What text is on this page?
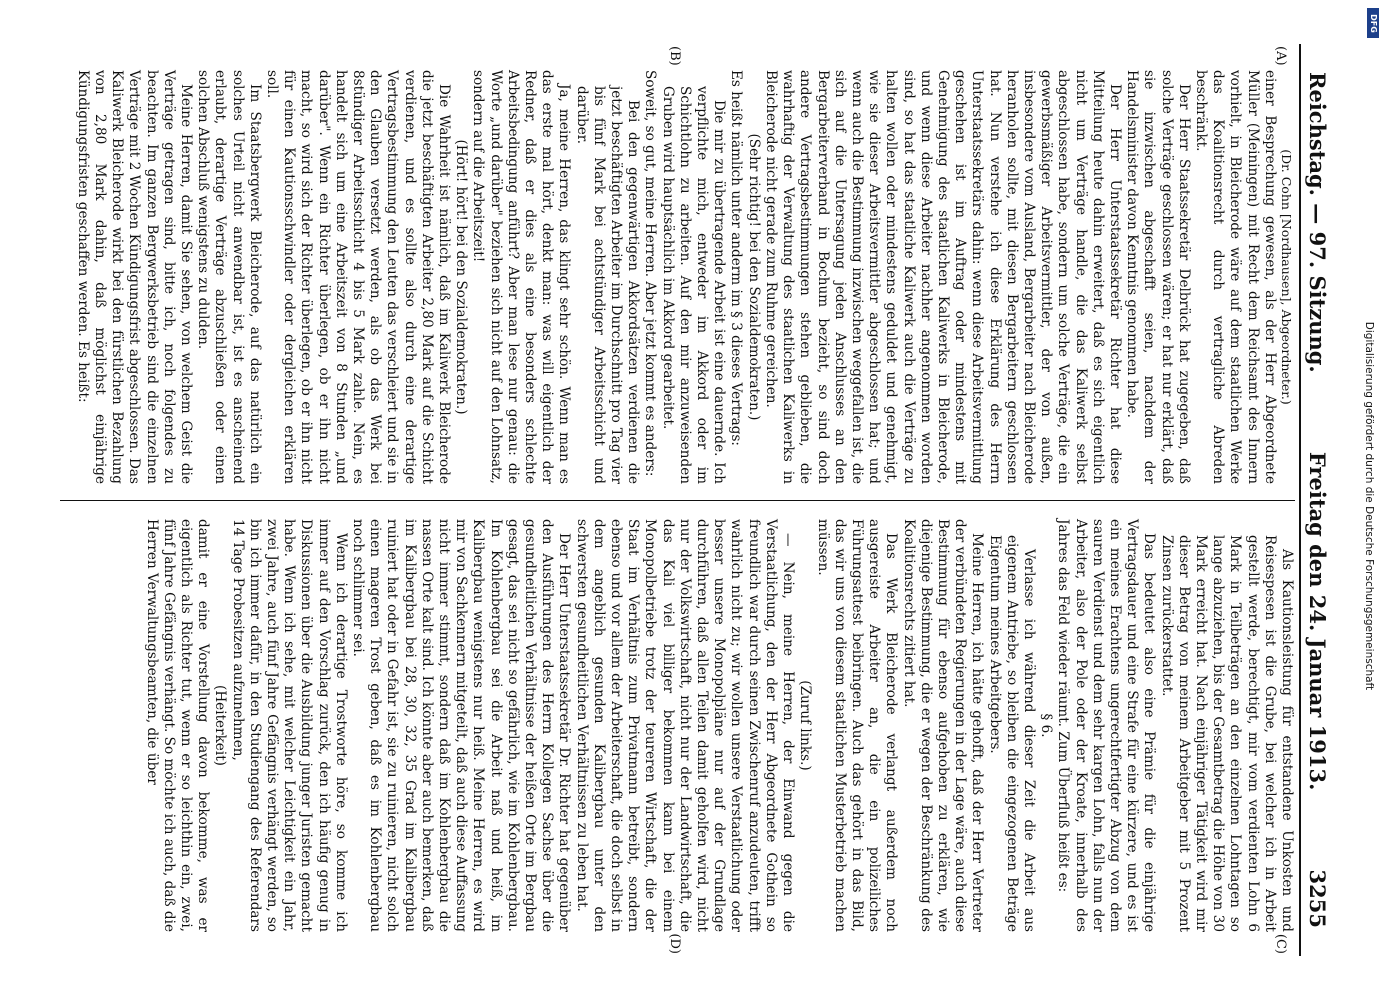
Reichstag. — 97. Sitzung.
Freitag den 24. Januar 1913.
3255
(A)
(B)

(Dr. Cohn [Nordhausen], Abgeordneter.)

einer Besprechung gewesen, als der Herr Abgeordnete Müller (Meiningen) mit Recht dem Reichsamt des Innern vorhielt, in Bleicherode wäre auf dem staatlichen Werke das Koalitionsrecht durch vertragliche Abreden beschränkt.

Der Herr Staatssekretär Delbrück hat zugegeben, daß solche Verträge geschlossen wären; er hat nur erklärt, daß sie inzwischen abgeschafft seien, nachdem der Handelsminister davon Kenntnis genommen habe.

Der Herr Unterstaatssekretär Richter hat diese Mitteilung heute dahin erweitert, daß es sich eigentlich nicht um Verträge handle, die das Kaliwerk selbst abgeschlossen habe, sondern um solche Verträge, die ein gewerbsmäßiger Arbeitsvermittler, der von außen, insbesondere vom Ausland, Bergarbeiter nach Bleicherode heranholen sollte, mit diesen Bergarbeitern geschlossen hat. Nun verstehe ich diese Erklärung des Herrn Unterstaatssekretärs dahin: wenn diese Arbeitsvermittlung geschehen ist im Auftrag oder mindestens mit Genehmigung des staatlichen Kaliwerks in Bleicherode, und wenn diese Arbeiter nachher angenommen worden sind, so hat das staatliche Kaliwerk auch die Verträge zu halten wollen oder mindestens geduldet und genehmigt, wie sie dieser Arbeitsvermittler abgeschlossen hat; und wenn auch die Bestimmung inzwischen weggefallen ist, die sich auf die Untersagung jeden Anschlusses an den Bergarbeiterverband in Bochum bezieht, so sind doch andere Vertragsbestimmungen stehen geblieben, die wahrhaftig der Verwaltung des staatlichen Kaliwerks in Bleicherode nicht gerade zum Ruhme gereichen.

(Sehr richtig! bei den Sozialdemokraten.)

Es heißt nämlich unter anderm im § 3 dieses Vertrags:

Die mir zu übertragende Arbeit ist eine dauernde. Ich verpflichte mich, entweder im Akkord oder im Schichtlohn zu arbeiten. Auf den mir anzuweisenden Gruben wird hauptsächlich im Akkord gearbeitet.

Soweit, so gut, meine Herren. Aber jetzt kommt es anders:

Bei den gegenwärtigen Akkordsätzen verdienen die jetzt beschäftigten Arbeiter im Durchschnitt pro Tag vier bis fünf Mark bei achtstündiger Arbeitsschicht und darüber.

Ja, meine Herren, das klingt sehr schön. Wenn man es das erste mal hört, denkt man: was will eigentlich der Redner, daß er dies als eine besonders schlechte Arbeitsbedingung anführt? Aber man lese nur genau: die Worte „und darüber" beziehen sich nicht auf den Lohnsatz, sondern auf die Arbeitszeit!

(Hört! hört! bei den Sozialdemokraten.)

Die Wahrheit ist nämlich, daß im Kaliwerk Bleicherode die jetzt beschäftigten Arbeiter 2,80 Mark auf die Schicht verdienen, und es sollte also durch eine derartige Vertragsbestimmung den Leuten das verschleiert und sie in den Glauben versetzt werden, als ob das Werk bei 8stündiger Arbeitsschicht 4 bis 5 Mark zahle. Nein, es handelt sich um eine Arbeitszeit von 8 Stunden „und darüber". Wenn ein Richter überlegen, ob er ihn nicht macht, so wird sich der Richter überlegen, ob er ihn nicht für einen Kautionsschwindler oder dergleichen erklären soll.

Im Staatsbergwerk Bleicherode, auf das natürlich ein solches Urteil nicht anwendbar ist, ist es anscheinend erlaubt, derartige Verträge abzuschließen oder einen solchen Abschluß wenigstens zu dulden.

Meine Herren, damit Sie sehen, von welchem Geist die Verträge getragen sind, bitte ich, noch folgendes zu beachten. Im ganzen Bergwerksbetrieb sind die einzelnen Verträge mit 2 Wochen Kündigungsfrist abgeschlossen. Das Kaliwerk Bleicherode wirkt bei den fürstlichen Bezahlung von 2,80 Mark dahin, daß möglichst einjährige Kündigungsfristen geschaffen werden. Es heißt:

(C)
(D)

Als Kautionsleistung für entstandene Unkosten und Reisespesen ist die Grube, bei welcher ich in Arbeit gestellt werde, berechtigt, mir vom verdienten Lohn 6 Mark in Teilbeträgen an den einzelnen Lohntagen so lange abzuziehen, bis der Gesamtbetrag die Höhe von 30 Mark erreicht hat. Nach einjähriger Tätigkeit wird mir dieser Betrag von meinem Arbeitgeber mit 5 Prozent Zinsen zurückerstattet.

Das bedeutet also eine Prämie für die einjährige Vertragsdauer und eine Strafe für eine kürzere, und es ist ein meines Erachtens ungerechtfertigter Abzug von dem sauren Verdienst und dem sehr kargen Lohn, falls nun der Arbeiter, also der Pole oder der Kroate, innerhalb des Jahres das Feld wieder räumt. Zum Überfluß heißt es:

§ 6.

Verlasse ich während dieser Zeit die Arbeit aus eigenem Antriebe, so bleiben die eingezogenen Beträge Eigentum meines Arbeitgebers.

Meine Herren, ich hätte gehofft, daß der Herr Vertreter der verbündeten Regierungen in der Lage wäre, auch diese Bestimmung für ebenso aufgehoben zu erklären, wie diejenige Bestimmung, die er wegen der Beschränkung des Koalitionsrechts zitiert hat.

Das Werk Bleicherode verlangt außerdem noch ausgereiste Arbeiter an, die ein polizeiliches Führungsattest beibringen. Auch das gehört in das Bild, das wir uns von diesem staatlichen Musterbetrieb machen müssen.

(Zuruf links.)

— Nein, meine Herren, der Einwand gegen die Verstaatlichung, den der Herr Abgeordnete Gothein so freundlich war durch seinen Zwischenruf anzudeuten, trifft wahrlich nicht zu; wir wollen unsere Verstaatlichung oder besser unsere Monopolpläne nur auf der Grundlage durchführen, daß allen Teilen damit geholfen wird, nicht nur der Volkswirtschaft, nicht nur der Landwirtschaft, die das Kali viel billiger bekommen kann bei einem Monopolbetriebe trotz der teureren Wirtschaft, die der Staat im Verhältnis zum Privatmann betreibt, sondern ebenso und vor allem der Arbeiterschaft, die doch selbst in dem angeblich gesunden Kalibergbau unter den schwersten gesundheitlichen Verhältnissen zu leben hat.

Der Herr Unterstaatssekretär Dr. Richter hat gegenüber den Ausführungen des Herrn Kollegen Sachse über die gesundheitlichen Verhältnisse der heißen Orte im Bergbau gesagt, das sei nicht so gefährlich, wie im Kohlenbergbau. Im Kohlenbergbau sei die Arbeit naß und heiß, im Kalibergbau wenigstens nur heiß. Meine Herren, es wird mir von Sachkennern mitgeteilt, daß auch diese Auffassung nicht immer stimmt, sondern daß im Kohlenbergbau die nassen Orte kalt sind. Ich könnte aber auch bemerken, daß im Kalibergbau bei 28, 30, 32, 35 Grad im Kalibergbau ruiniert hat oder in Gefahr ist, sie zu ruinieren, nicht solch einen mageren Trost geben, daß es im Kohlenbergbau noch schlimmer sei.

Wenn ich derartige Trostworte höre, so komme ich immer auf den Vorschlag zurück, den ich häufig genug in Diskussionen über die Ausbildung junger Juristen gemacht habe. Wenn ich sehe, mit welcher Leichtigkeit ein Jahr, zwei Jahre, auch fünf Jahre Gefängnis verhängt werden, so bin ich immer dafür, in den Studiengang des Referendars 14 Tage Probesitzen aufzunehmen,

(Heiterkeit)

damit er eine Vorstellung davon bekomme, was er eigentlich als Richter tut, wenn er so leichthin ein, zwei, fünf Jahre Gefängnis verhängt. So möchte ich auch, daß die Herren Verwaltungsbeamten, die über	Digitalisierung gefördert durch die Deutsche Forschungsgemeinschaft
DFG
